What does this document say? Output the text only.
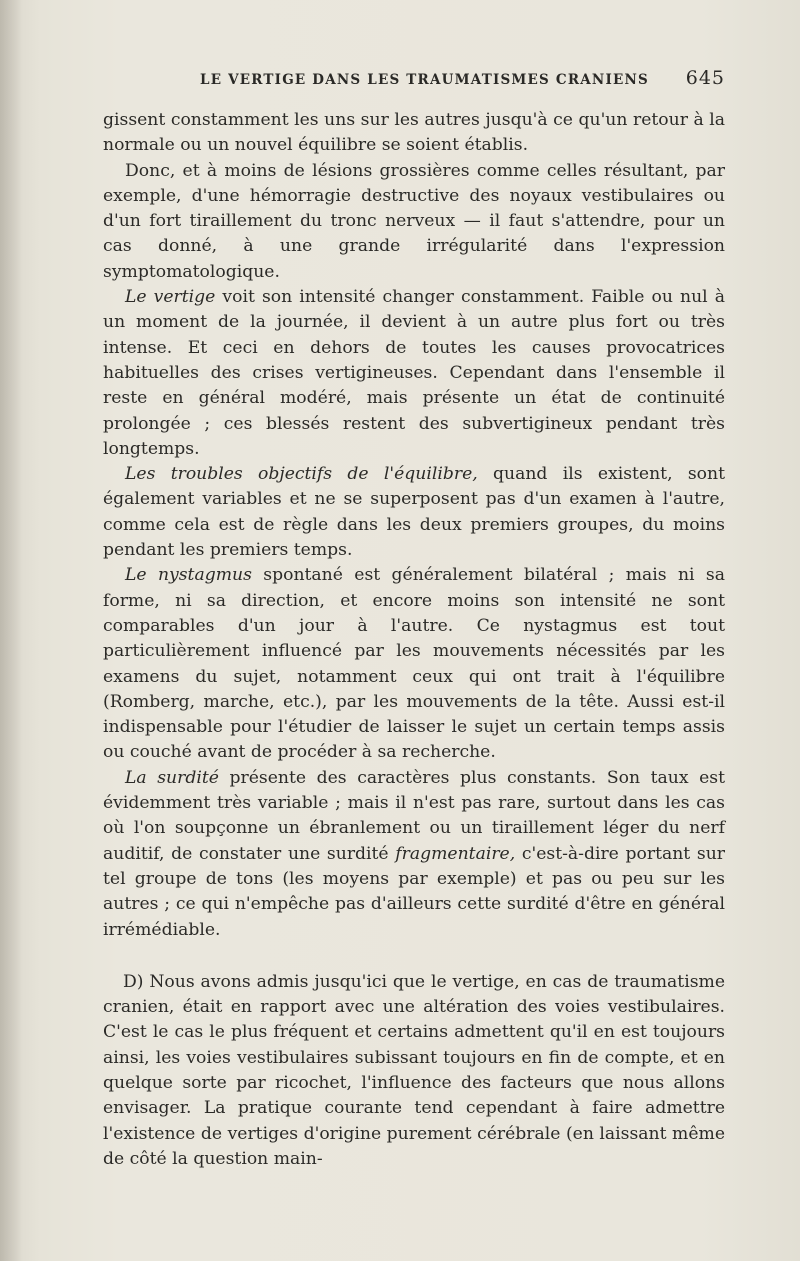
LE VERTIGE DANS LES TRAUMATISMES CRANIENS 645

gissent constamment les uns sur les autres jusqu'à ce qu'un retour à la normale ou un nouvel équilibre se soient établis.

Donc, et à moins de lésions grossières comme celles résultant, par exemple, d'une hémorragie destructive des noyaux vestibulaires ou d'un fort tiraillement du tronc nerveux — il faut s'attendre, pour un cas donné, à une grande irrégularité dans l'expression symptomatologique.

Le vertige voit son intensité changer constamment. Faible ou nul à un moment de la journée, il devient à un autre plus fort ou très intense. Et ceci en dehors de toutes les causes provocatrices habituelles des crises vertigineuses. Cependant dans l'ensemble il reste en général modéré, mais présente un état de continuité prolongée ; ces blessés restent des subvertigineux pendant très longtemps.

Les troubles objectifs de l'équilibre, quand ils existent, sont également variables et ne se superposent pas d'un examen à l'autre, comme cela est de règle dans les deux premiers groupes, du moins pendant les premiers temps.

Le nystagmus spontané est généralement bilatéral ; mais ni sa forme, ni sa direction, et encore moins son intensité ne sont comparables d'un jour à l'autre. Ce nystagmus est tout particulièrement influencé par les mouvements nécessités par les examens du sujet, notamment ceux qui ont trait à l'équilibre (Romberg, marche, etc.), par les mouvements de la tête. Aussi est-il indispensable pour l'étudier de laisser le sujet un certain temps assis ou couché avant de procéder à sa recherche.

La surdité présente des caractères plus constants. Son taux est évidemment très variable ; mais il n'est pas rare, surtout dans les cas où l'on soupçonne un ébranlement ou un tiraillement léger du nerf auditif, de constater une surdité fragmentaire, c'est-à-dire portant sur tel groupe de tons (les moyens par exemple) et pas ou peu sur les autres ; ce qui n'empêche pas d'ailleurs cette surdité d'être en général irrémédiable.

D) Nous avons admis jusqu'ici que le vertige, en cas de traumatisme cranien, était en rapport avec une altération des voies vestibulaires. C'est le cas le plus fréquent et certains admettent qu'il en est toujours ainsi, les voies vestibulaires subissant toujours en fin de compte, et en quelque sorte par ricochet, l'influence des facteurs que nous allons envisager. La pratique courante tend cependant à faire admettre l'existence de vertiges d'origine purement cérébrale (en laissant même de côté la question main-
